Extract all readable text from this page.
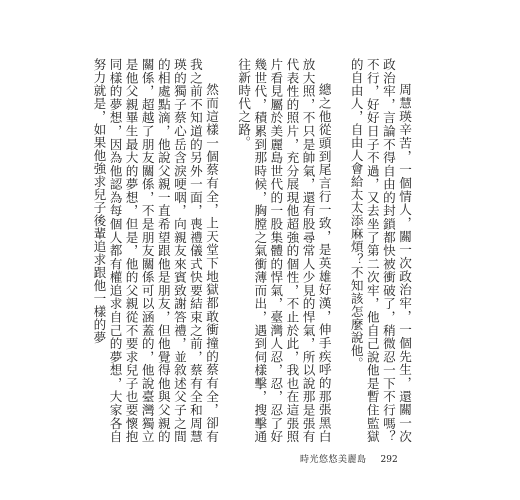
周慧瑛辛苦，一個情人，關一次政治牢，一個先生，還關一次政治牢，言論不得自由的封鎖都快被衝破了，稍微忍一下不行嗎？不行，好好日子不過，又去坐了第二次牢，他自己說他是暫住監獄的自由人，自由人會給太太添麻煩？不知該怎麼說他。

總之他從頭到尾言行一致，是英雄好漢，伸手疾呼的那張黑白放大照，不只是帥氣，還有股尋常人少見的悍氣，所以說那是張有代表性的照片，充分展現他超強的個性，不止於此，我也在這張照片看見屬於美麗島世代的一股集體的悍氣，臺灣人忍，忍，忍了好幾世代，積累到那時候，胸膛之氣衝薄而出，遇到伺樣擊，搜擊通往新時代之路。

然而這樣一個蔡有全，上天堂下地獄都敢衝撞的蔡有全，卻有我之前不知道的另外一面，喪禮儀式快要結束之前，蔡有全和周慧瑛的獨子蔡心岳含淚哽咽，向親友來賓致謝答禮，並敘述父子之間的相處點滴，他說父親一直希望跟他是朋友，但他覺得他與父親的關係，超越了朋友關係，不是朋友關係可以涵蓋的，他說臺灣獨立是他父親畢生最大的夢想，但是，他的父親從不要求兒子也要懷抱同樣的夢想，因為他認為每個人都有權追求自己的夢想，大家各自努力就是，如果他強求兒子後輩追求跟他一樣的夢

時光悠悠美麗島 292
